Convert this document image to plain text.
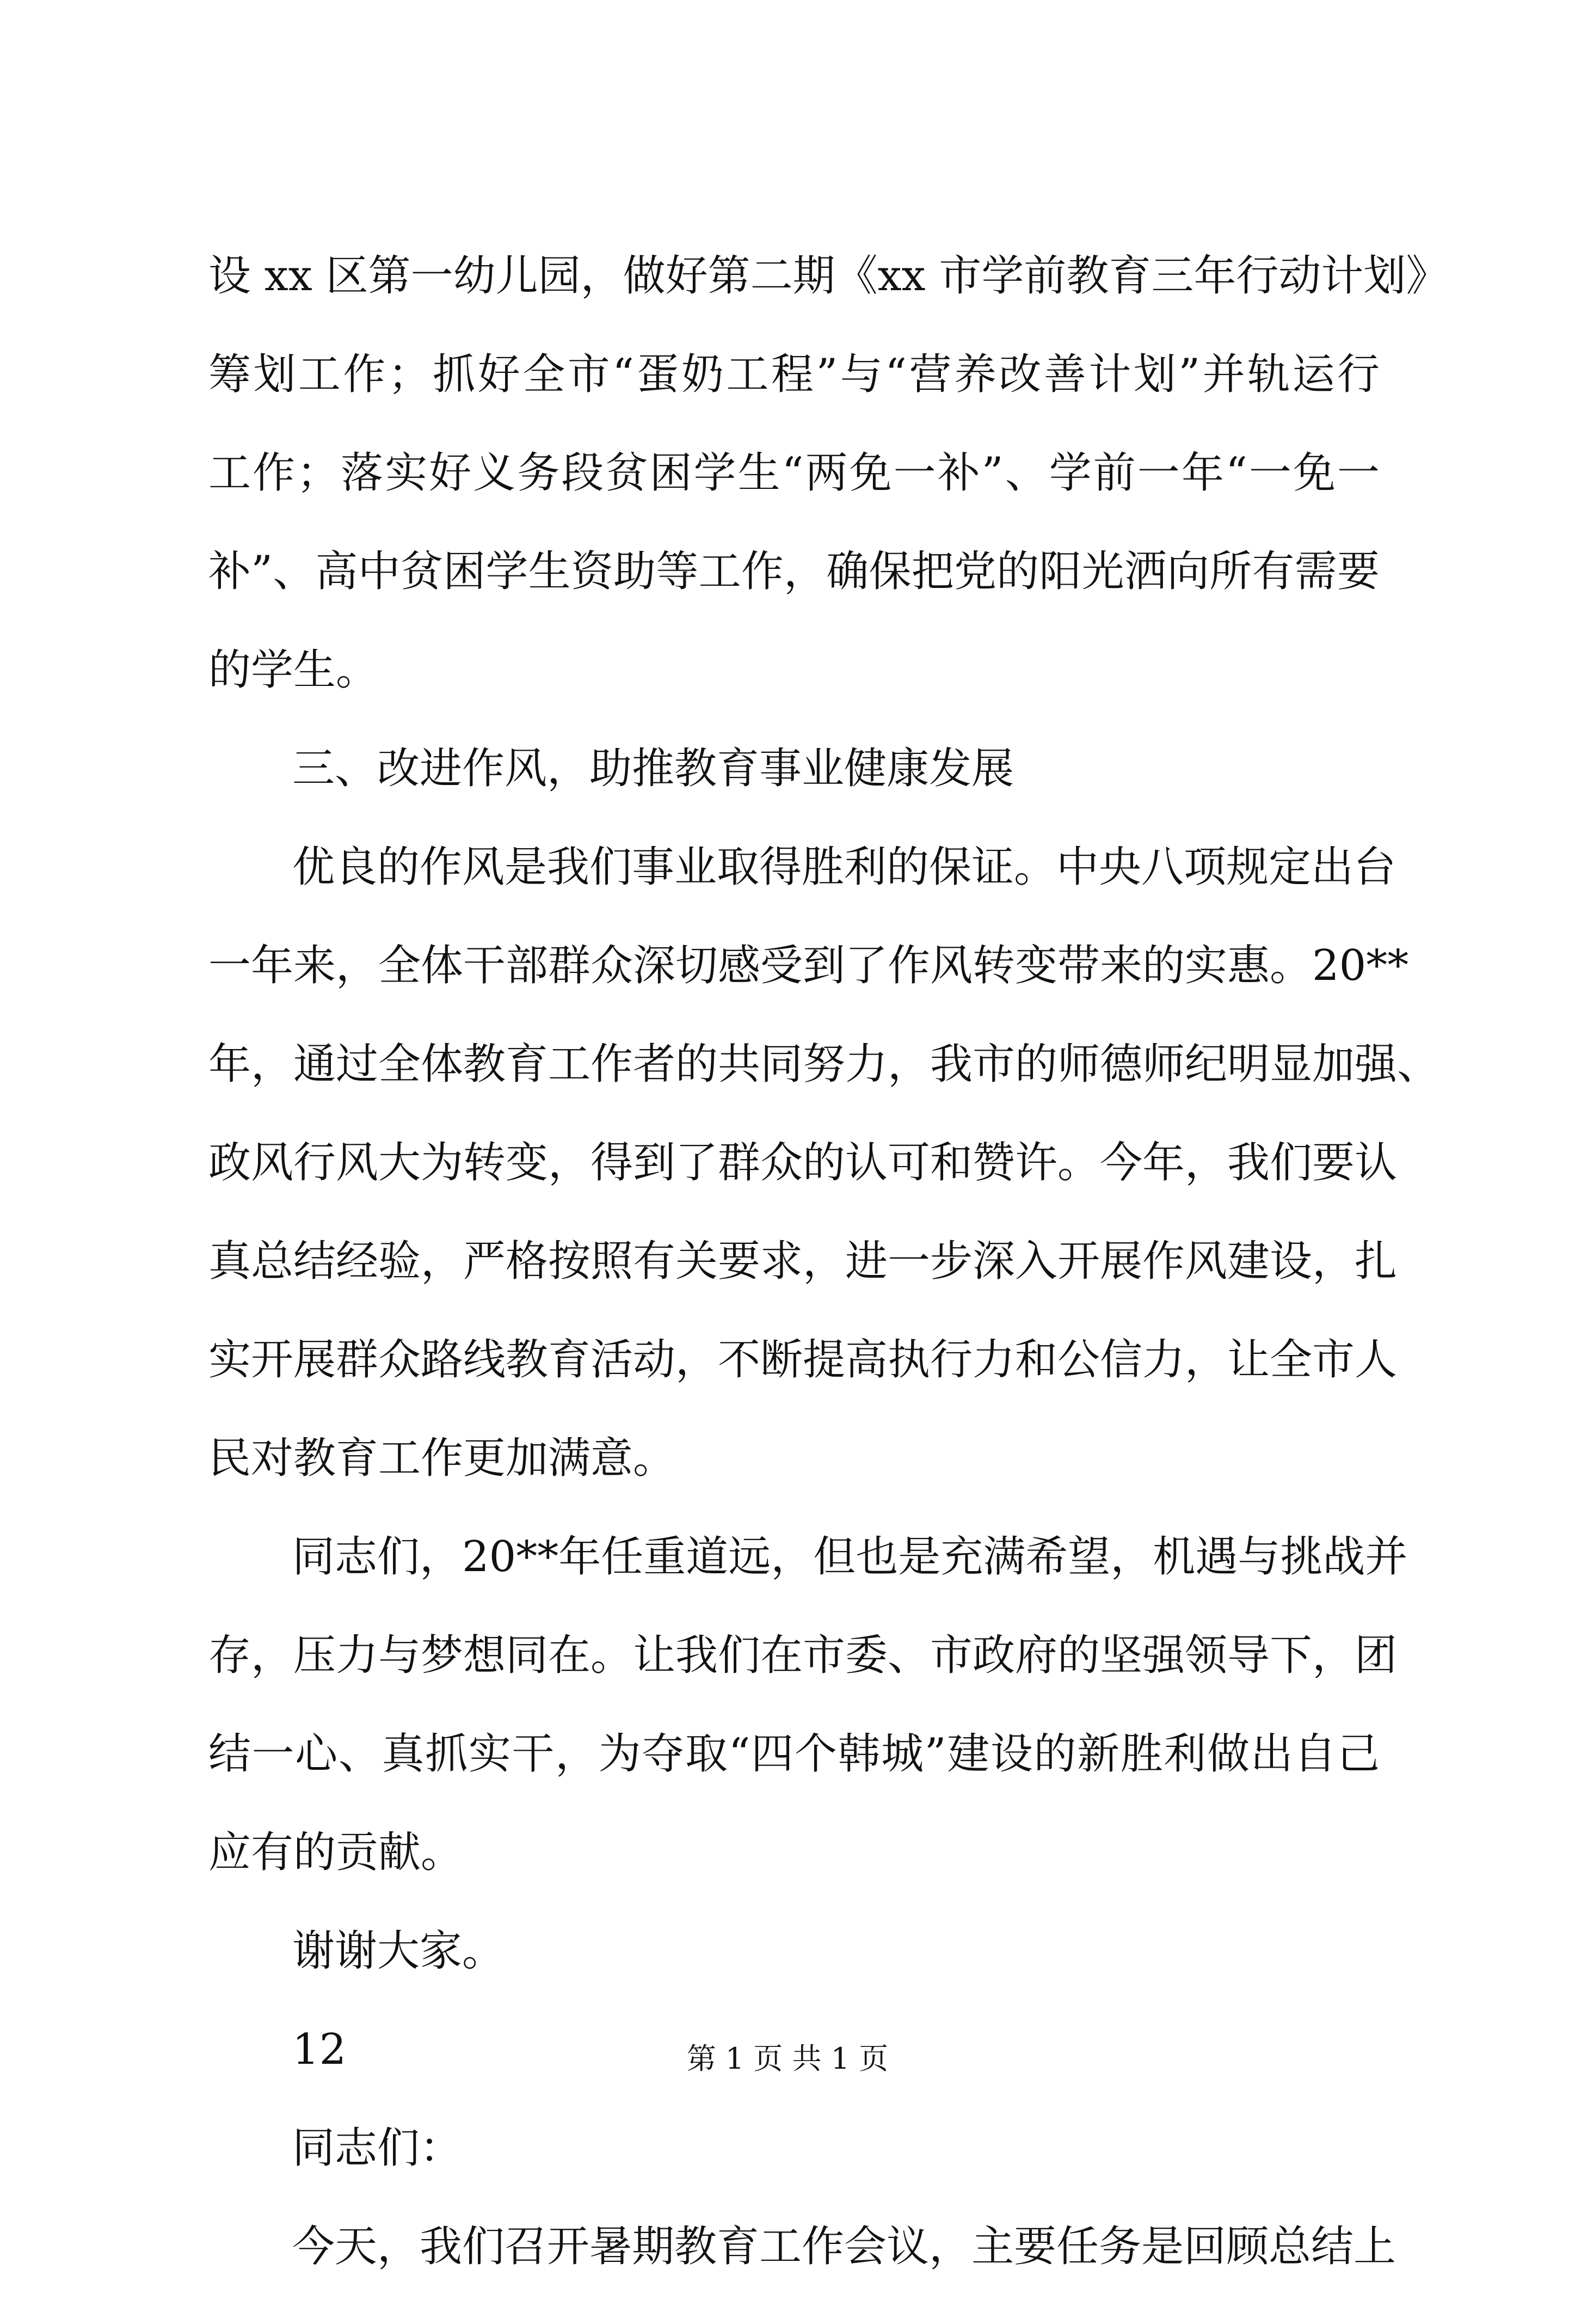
设 xx 区第一幼儿园，做好第二期《xx 市学前教育三年行动计划》
筹划工作；抓好全市“蛋奶工程”与“营养改善计划”并轨运行
工作；落实好义务段贫困学生“两免一补”、学前一年“一免一
补”、高中贫困学生资助等工作，确保把党的阳光洒向所有需要
的学生。
三、改进作风，助推教育事业健康发展
优良的作风是我们事业取得胜利的保证。中央八项规定出台
一年来，全体干部群众深切感受到了作风转变带来的实惠。20**
年，通过全体教育工作者的共同努力，我市的师德师纪明显加强、
政风行风大为转变，得到了群众的认可和赞许。今年，我们要认
真总结经验，严格按照有关要求，进一步深入开展作风建设，扎
实开展群众路线教育活动，不断提高执行力和公信力，让全市人
民对教育工作更加满意。
同志们，20**年任重道远，但也是充满希望，机遇与挑战并
存，压力与梦想同在。让我们在市委、市政府的坚强领导下，团
结一心、真抓实干，为夺取“四个韩城”建设的新胜利做出自己
应有的贡献。
谢谢大家。
12
同志们：
今天，我们召开暑期教育工作会议，主要任务是回顾总结上
第 1 页 共 1 页
